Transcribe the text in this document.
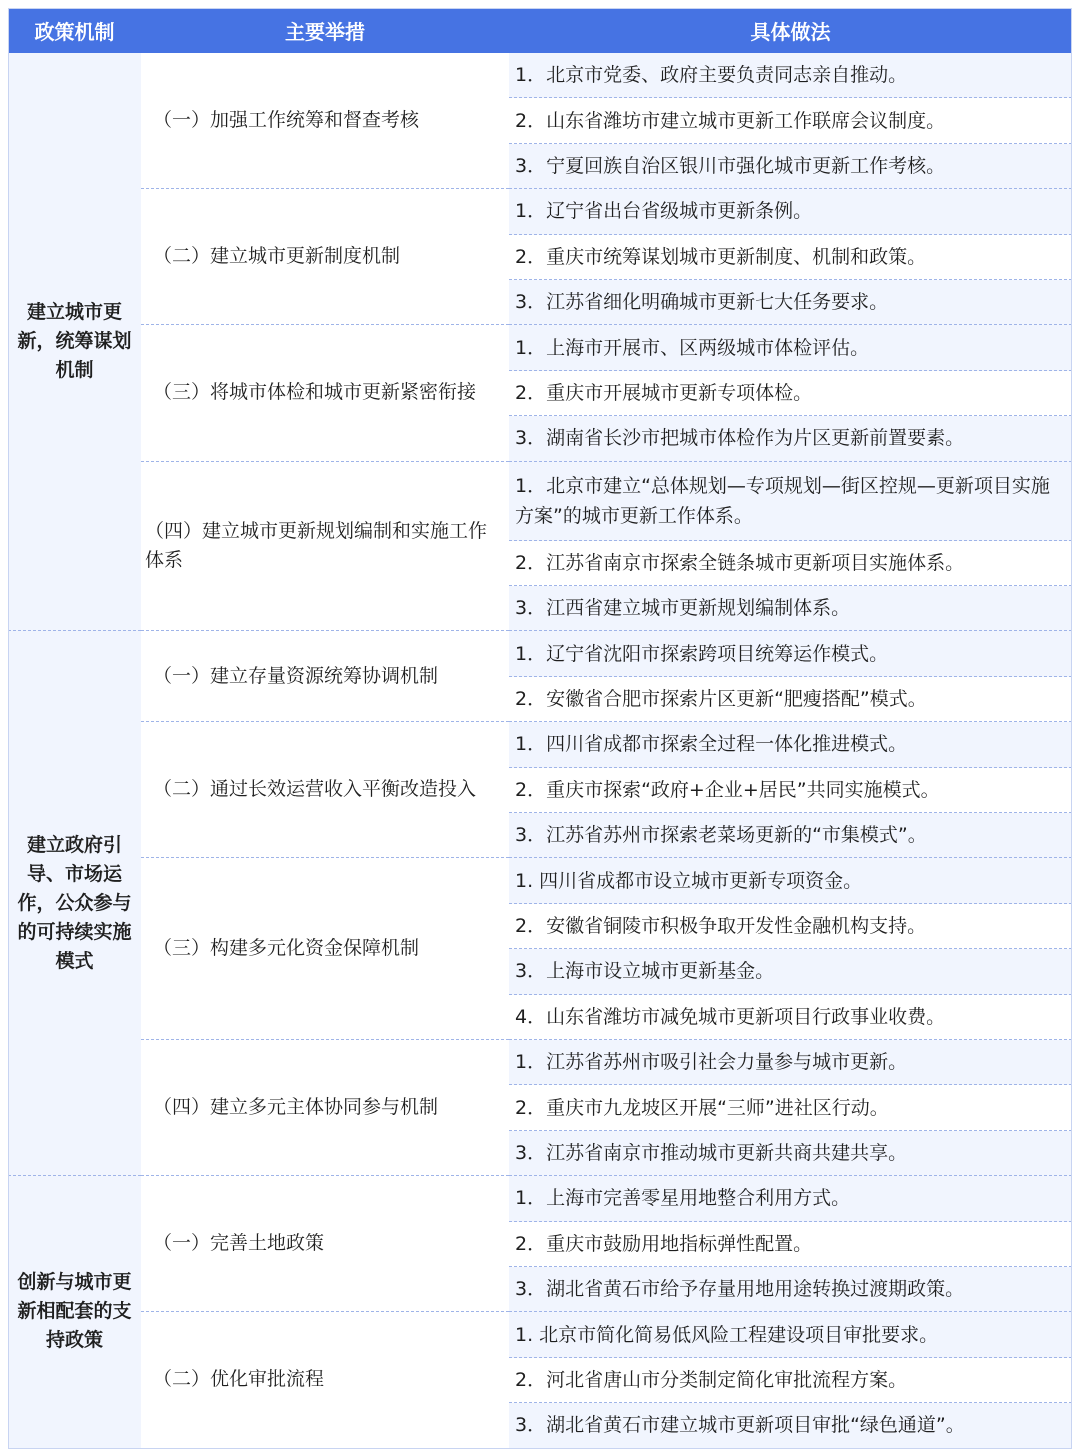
政策机制	主要举措	具体做法
1．北京市党委、政府主要负责同志亲自推动。
2．山东省潍坊市建立城市更新工作联席会议制度。
3．宁夏回族自治区银川市强化城市更新工作考核。
（一）加强工作统筹和督查考核
1．辽宁省出台省级城市更新条例。
2．重庆市统筹谋划城市更新制度、机制和政策。
3．江苏省细化明确城市更新七大任务要求。
（二）建立城市更新制度机制
1．上海市开展市、区两级城市体检评估。
2．重庆市开展城市更新专项体检。
3．湖南省长沙市把城市体检作为片区更新前置要素。
（三）将城市体检和城市更新紧密衔接
1．北京市建立“总体规划—专项规划—街区控规—更新项目实施方案”的城市更新工作体系。
2．江苏省南京市探索全链条城市更新项目实施体系。
3．江西省建立城市更新规划编制体系。
（四）建立城市更新规划编制和实施工作体系
建立城市更新，统筹谋划机制
1．辽宁省沈阳市探索跨项目统筹运作模式。
2．安徽省合肥市探索片区更新“肥瘦搭配”模式。
（一）建立存量资源统筹协调机制
1．四川省成都市探索全过程一体化推进模式。
2．重庆市探索“政府+企业+居民”共同实施模式。
3．江苏省苏州市探索老菜场更新的“市集模式”。
（二）通过长效运营收入平衡改造投入
1. 四川省成都市设立城市更新专项资金。
2．安徽省铜陵市积极争取开发性金融机构支持。
3．上海市设立城市更新基金。
4．山东省潍坊市减免城市更新项目行政事业收费。
（三）构建多元化资金保障机制
1．江苏省苏州市吸引社会力量参与城市更新。
2．重庆市九龙坡区开展“三师”进社区行动。
3．江苏省南京市推动城市更新共商共建共享。
（四）建立多元主体协同参与机制
建立政府引导、市场运作，公众参与的可持续实施模式
1．上海市完善零星用地整合利用方式。
2．重庆市鼓励用地指标弹性配置。
3．湖北省黄石市给予存量用地用途转换过渡期政策。
（一）完善土地政策
1. 北京市简化简易低风险工程建设项目审批要求。
2．河北省唐山市分类制定简化审批流程方案。
3．湖北省黄石市建立城市更新项目审批“绿色通道”。
（二）优化审批流程
创新与城市更新相配套的支持政策
